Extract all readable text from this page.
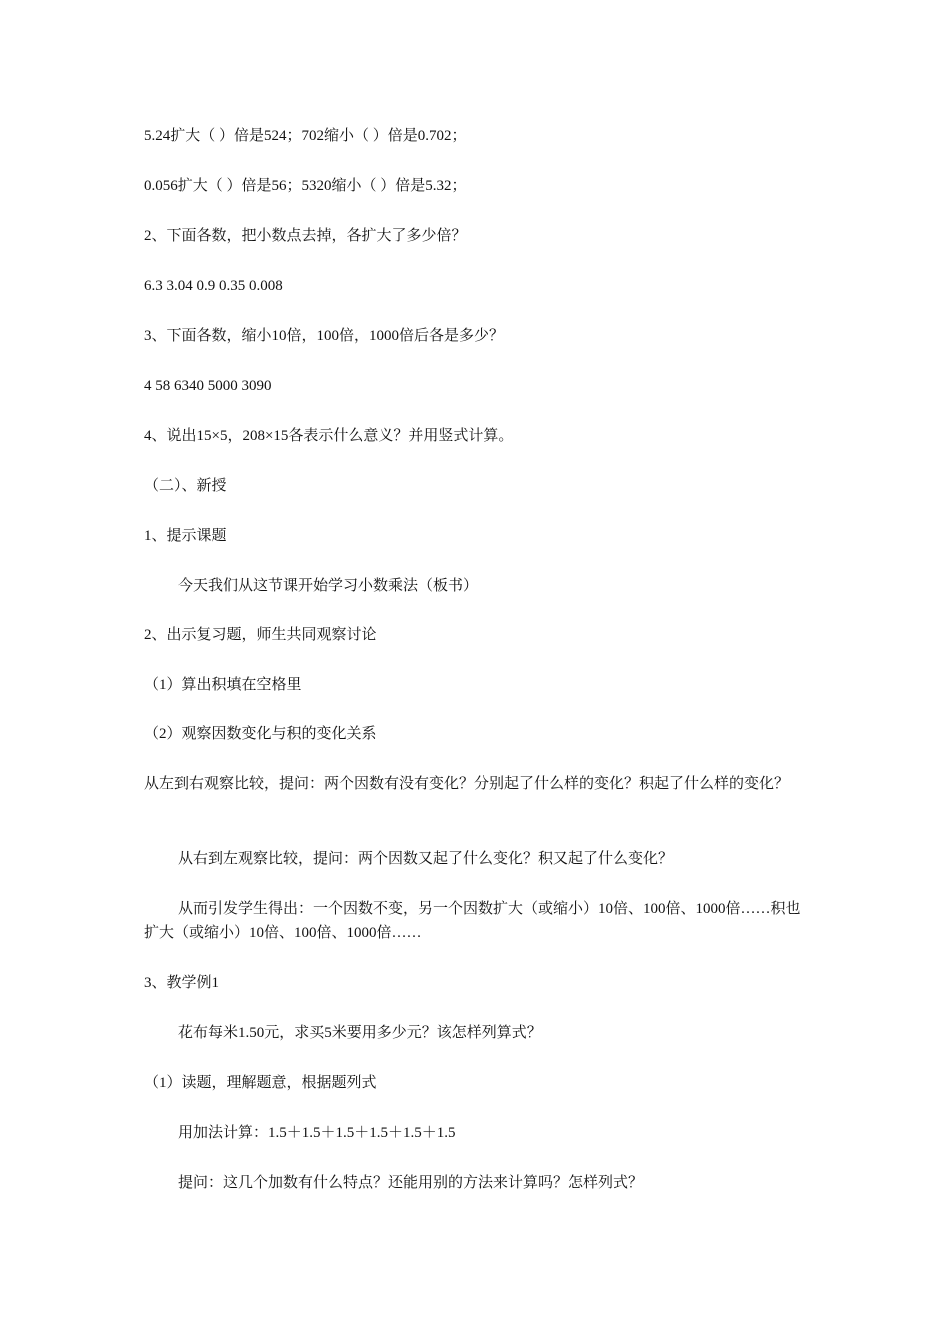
5.24扩大（ ）倍是524；702缩小（ ）倍是0.702；
0.056扩大（ ）倍是56；5320缩小（ ）倍是5.32；
2、下面各数，把小数点去掉，各扩大了多少倍？
6.3 3.04 0.9 0.35 0.008
3、下面各数，缩小10倍，100倍，1000倍后各是多少？
4 58 6340 5000 3090
4、说出15×5，208×15各表示什么意义？并用竖式计算。
（二）、新授
1、提示课题
今天我们从这节课开始学习小数乘法（板书）
2、出示复习题，师生共同观察讨论
（1）算出积填在空格里
（2）观察因数变化与积的变化关系
从左到右观察比较，提问：两个因数有没有变化？分别起了什么样的变化？积起了什么样的变化？
从右到左观察比较，提问：两个因数又起了什么变化？积又起了什么变化？
从而引发学生得出：一个因数不变，另一个因数扩大（或缩小）10倍、100倍、1000倍……积也扩大（或缩小）10倍、100倍、1000倍……
3、教学例1
花布每米1.50元，求买5米要用多少元？该怎样列算式？
（1）读题，理解题意，根据题列式
用加法计算：1.5＋1.5＋1.5＋1.5＋1.5＋1.5
提问：这几个加数有什么特点？还能用别的方法来计算吗？怎样列式？
